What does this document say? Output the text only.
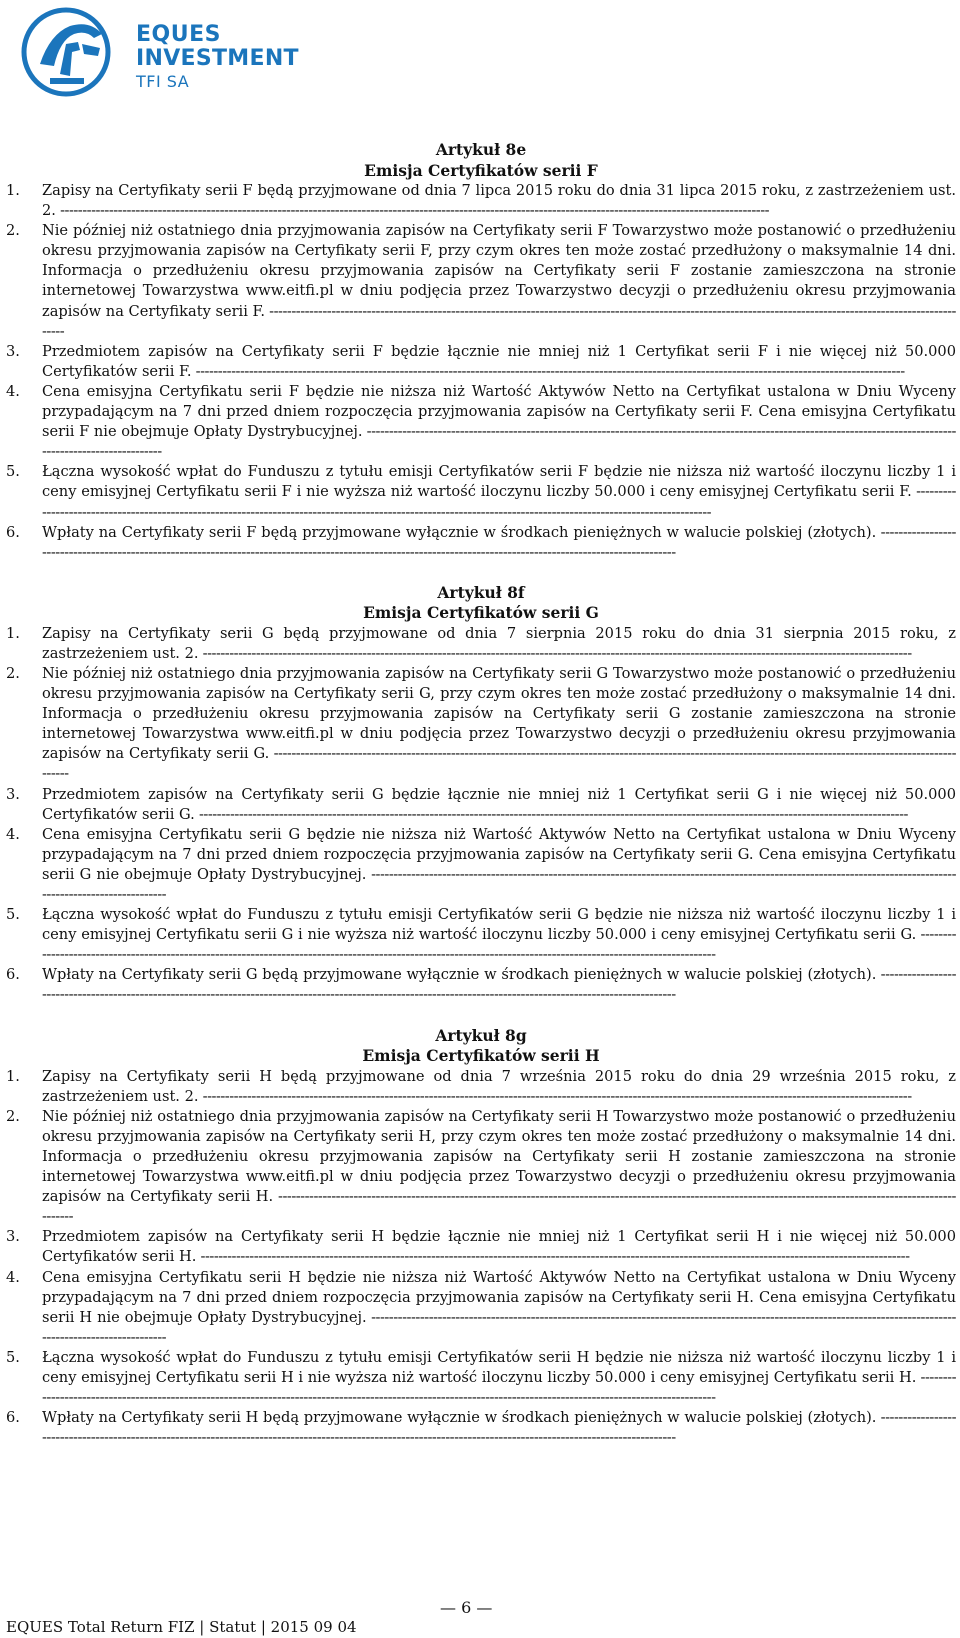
EQUES
INVESTMENT
TFI SA
Artykuł 8e
Emisja Certyfikatów serii F
1. Zapisy na Certyfikaty serii F będą przyjmowane od dnia 7 lipca 2015 roku do dnia 31 lipca 2015 roku, z zastrzeżeniem ust. 2. ----------------------------------------------------------------------------------------------------------------------------------------------------------------
2. Nie później niż ostatniego dnia przyjmowania zapisów na Certyfikaty serii F Towarzystwo może postanowić o przedłużeniu okresu przyjmowania zapisów na Certyfikaty serii F, przy czym okres ten może zostać przedłużony o maksymalnie 14 dni. Informacja o przedłużeniu okresu przyjmowania zapisów na Certyfikaty serii F zostanie zamieszczona na stronie internetowej Towarzystwa www.eitfi.pl w dniu podjęcia przez Towarzystwo decyzji o przedłużeniu okresu przyjmowania zapisów na Certyfikaty serii F. ----------------------------------------------------------------------------------------------------------------------------------------------------------------
3. Przedmiotem zapisów na Certyfikaty serii F będzie łącznie nie mniej niż 1 Certyfikat serii F i nie więcej niż 50.000 Certyfikatów serii F. ----------------------------------------------------------------------------------------------------------------------------------------------------------------
4. Cena emisyjna Certyfikatu serii F będzie nie niższa niż Wartość Aktywów Netto na Certyfikat ustalona w Dniu Wyceny przypadającym na 7 dni przed dniem rozpoczęcia przyjmowania zapisów na Certyfikaty serii F. Cena emisyjna Certyfikatu serii F nie obejmuje Opłaty Dystrybucyjnej. ----------------------------------------------------------------------------------------------------------------------------------------------------------------
5. Łączna wysokość wpłat do Funduszu z tytułu emisji Certyfikatów serii F będzie nie niższa niż wartość iloczynu liczby 1 i ceny emisyjnej Certyfikatu serii F i nie wyższa niż wartość iloczynu liczby 50.000 i ceny emisyjnej Certyfikatu serii F. ----------------------------------------------------------------------------------------------------------------------------------------------------------------
6. Wpłaty na Certyfikaty serii F będą przyjmowane wyłącznie w środkach pieniężnych w walucie polskiej (złotych). ----------------------------------------------------------------------------------------------------------------------------------------------------------------
Artykuł 8f
Emisja Certyfikatów serii G
1. Zapisy na Certyfikaty serii G będą przyjmowane od dnia 7 sierpnia 2015 roku do dnia 31 sierpnia 2015 roku, z zastrzeżeniem ust. 2. ----------------------------------------------------------------------------------------------------------------------------------------------------------------
2. Nie później niż ostatniego dnia przyjmowania zapisów na Certyfikaty serii G Towarzystwo może postanowić o przedłużeniu okresu przyjmowania zapisów na Certyfikaty serii G, przy czym okres ten może zostać przedłużony o maksymalnie 14 dni. Informacja o przedłużeniu okresu przyjmowania zapisów na Certyfikaty serii G zostanie zamieszczona na stronie internetowej Towarzystwa www.eitfi.pl w dniu podjęcia przez Towarzystwo decyzji o przedłużeniu okresu przyjmowania zapisów na Certyfikaty serii G. ----------------------------------------------------------------------------------------------------------------------------------------------------------------
3. Przedmiotem zapisów na Certyfikaty serii G będzie łącznie nie mniej niż 1 Certyfikat serii G i nie więcej niż 50.000 Certyfikatów serii G. ----------------------------------------------------------------------------------------------------------------------------------------------------------------
4. Cena emisyjna Certyfikatu serii G będzie nie niższa niż Wartość Aktywów Netto na Certyfikat ustalona w Dniu Wyceny przypadającym na 7 dni przed dniem rozpoczęcia przyjmowania zapisów na Certyfikaty serii G. Cena emisyjna Certyfikatu serii G nie obejmuje Opłaty Dystrybucyjnej. ----------------------------------------------------------------------------------------------------------------------------------------------------------------
5. Łączna wysokość wpłat do Funduszu z tytułu emisji Certyfikatów serii G będzie nie niższa niż wartość iloczynu liczby 1 i ceny emisyjnej Certyfikatu serii G i nie wyższa niż wartość iloczynu liczby 50.000 i ceny emisyjnej Certyfikatu serii G. ----------------------------------------------------------------------------------------------------------------------------------------------------------------
6. Wpłaty na Certyfikaty serii G będą przyjmowane wyłącznie w środkach pieniężnych w walucie polskiej (złotych). ----------------------------------------------------------------------------------------------------------------------------------------------------------------
Artykuł 8g
Emisja Certyfikatów serii H
1. Zapisy na Certyfikaty serii H będą przyjmowane od dnia 7 września 2015 roku do dnia 29 września 2015 roku, z zastrzeżeniem ust. 2. ----------------------------------------------------------------------------------------------------------------------------------------------------------------
2. Nie później niż ostatniego dnia przyjmowania zapisów na Certyfikaty serii H Towarzystwo może postanowić o przedłużeniu okresu przyjmowania zapisów na Certyfikaty serii H, przy czym okres ten może zostać przedłużony o maksymalnie 14 dni. Informacja o przedłużeniu okresu przyjmowania zapisów na Certyfikaty serii H zostanie zamieszczona na stronie internetowej Towarzystwa www.eitfi.pl w dniu podjęcia przez Towarzystwo decyzji o przedłużeniu okresu przyjmowania zapisów na Certyfikaty serii H. ----------------------------------------------------------------------------------------------------------------------------------------------------------------
3. Przedmiotem zapisów na Certyfikaty serii H będzie łącznie nie mniej niż 1 Certyfikat serii H i nie więcej niż 50.000 Certyfikatów serii H. ----------------------------------------------------------------------------------------------------------------------------------------------------------------
4. Cena emisyjna Certyfikatu serii H będzie nie niższa niż Wartość Aktywów Netto na Certyfikat ustalona w Dniu Wyceny przypadającym na 7 dni przed dniem rozpoczęcia przyjmowania zapisów na Certyfikaty serii H. Cena emisyjna Certyfikatu serii H nie obejmuje Opłaty Dystrybucyjnej. ----------------------------------------------------------------------------------------------------------------------------------------------------------------
5. Łączna wysokość wpłat do Funduszu z tytułu emisji Certyfikatów serii H będzie nie niższa niż wartość iloczynu liczby 1 i ceny emisyjnej Certyfikatu serii H i nie wyższa niż wartość iloczynu liczby 50.000 i ceny emisyjnej Certyfikatu serii H. ----------------------------------------------------------------------------------------------------------------------------------------------------------------
6. Wpłaty na Certyfikaty serii H będą przyjmowane wyłącznie w środkach pieniężnych w walucie polskiej (złotych). ----------------------------------------------------------------------------------------------------------------------------------------------------------------
— 6 —
EQUES Total Return FIZ | Statut | 2015 09 04
